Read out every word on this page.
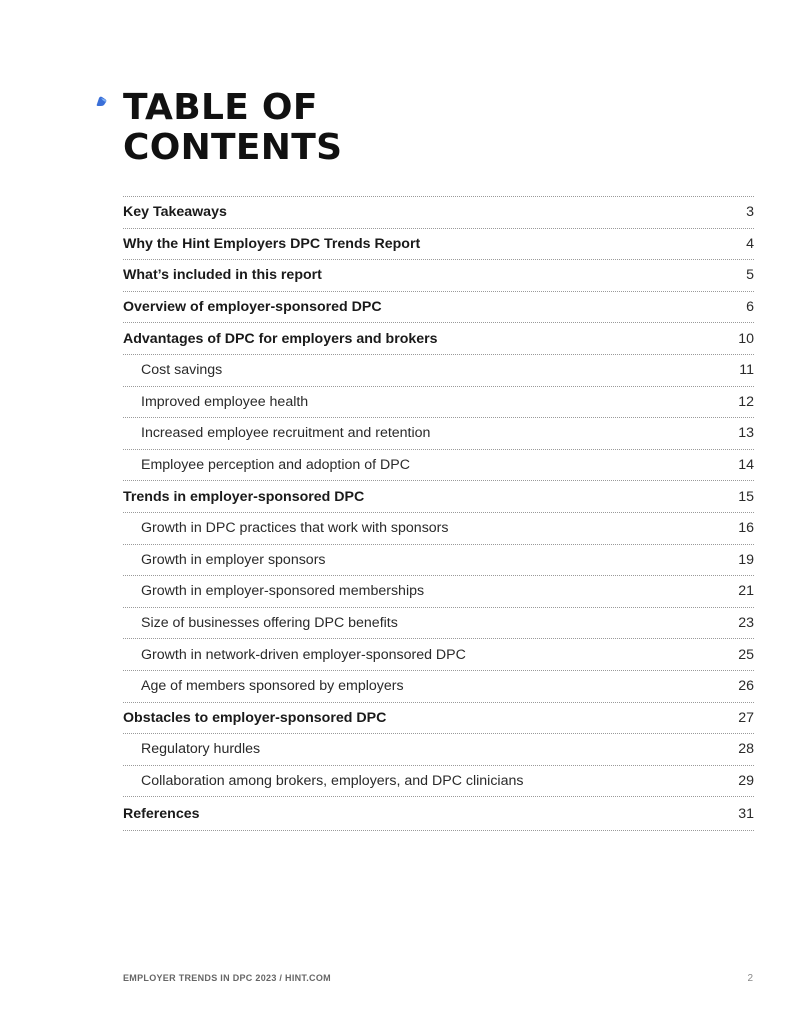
TABLE OF
CONTENTS
Key Takeaways	3
Why the Hint Employers DPC Trends Report	4
What’s included in this report	5
Overview of employer-sponsored DPC	6
Advantages of DPC for employers and brokers	10
Cost savings	11
Improved employee health	12
Increased employee recruitment and retention	13
Employee perception and adoption of DPC	14
Trends in employer-sponsored DPC	15
Growth in DPC practices that work with sponsors	16
Growth in employer sponsors	19
Growth in employer-sponsored memberships	21
Size of businesses offering DPC benefits	23
Growth in network-driven employer-sponsored DPC	25
Age of members sponsored by employers	26
Obstacles to employer-sponsored DPC	27
Regulatory hurdles	28
Collaboration among brokers, employers, and DPC clinicians	29
References	31
EMPLOYER TRENDS IN DPC 2023 / HINT.COM	2
